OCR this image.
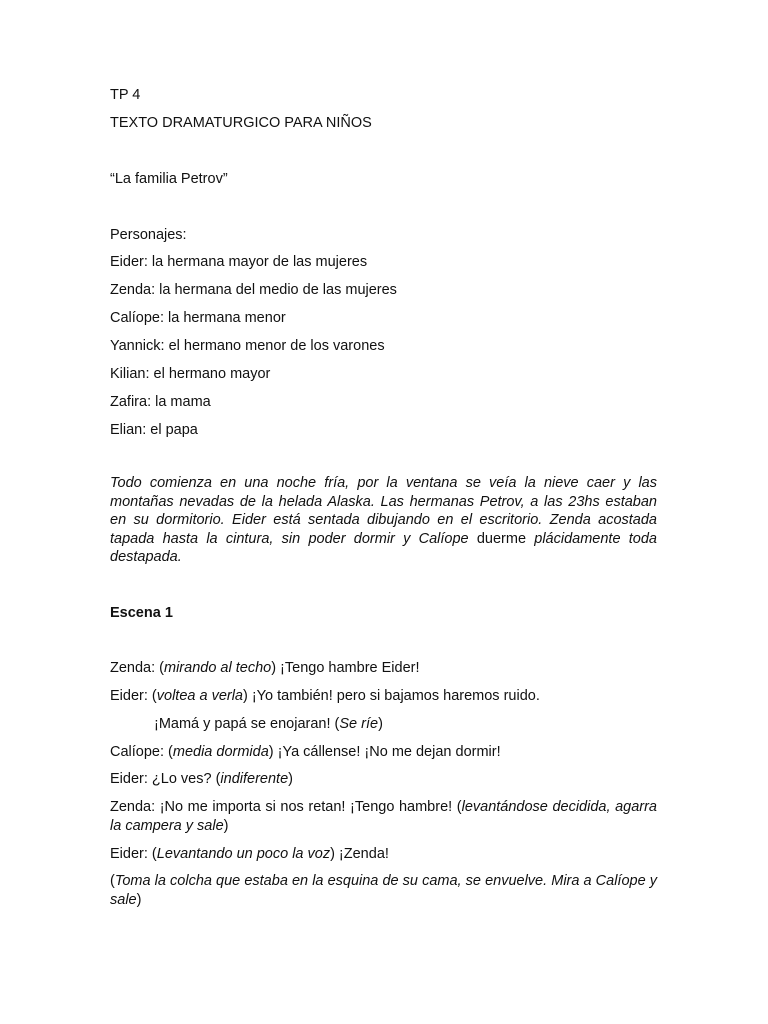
TP 4
TEXTO DRAMATURGICO PARA NIÑOS
“La familia Petrov”
Personajes:
Eider: la hermana mayor de las mujeres
Zenda: la hermana del medio de las mujeres
Calíope: la hermana menor
Yannick: el hermano menor de los varones
Kilian: el hermano mayor
Zafira: la mama
Elian: el papa
Todo comienza en una noche fría, por la ventana se veía la nieve caer y las montañas nevadas de la helada Alaska. Las hermanas Petrov, a las 23hs estaban en su dormitorio. Eider está sentada dibujando en el escritorio. Zenda acostada tapada hasta la cintura, sin poder dormir y Calíope duerme plácidamente toda destapada.
Escena 1
Zenda: (mirando al techo) ¡Tengo hambre Eider!
Eider: (voltea a verla) ¡Yo también! pero si bajamos haremos ruido.
¡Mamá y papá se enojaran! (Se ríe)
Calíope: (media dormida) ¡Ya cállense! ¡No me dejan dormir!
Eider: ¿Lo ves? (indiferente)
Zenda: ¡No me importa si nos retan! ¡Tengo hambre! (levantándose decidida, agarra la campera y sale)
Eider: (Levantando un poco la voz) ¡Zenda!
(Toma la colcha que estaba en la esquina de su cama, se envuelve. Mira a Calíope y sale)
